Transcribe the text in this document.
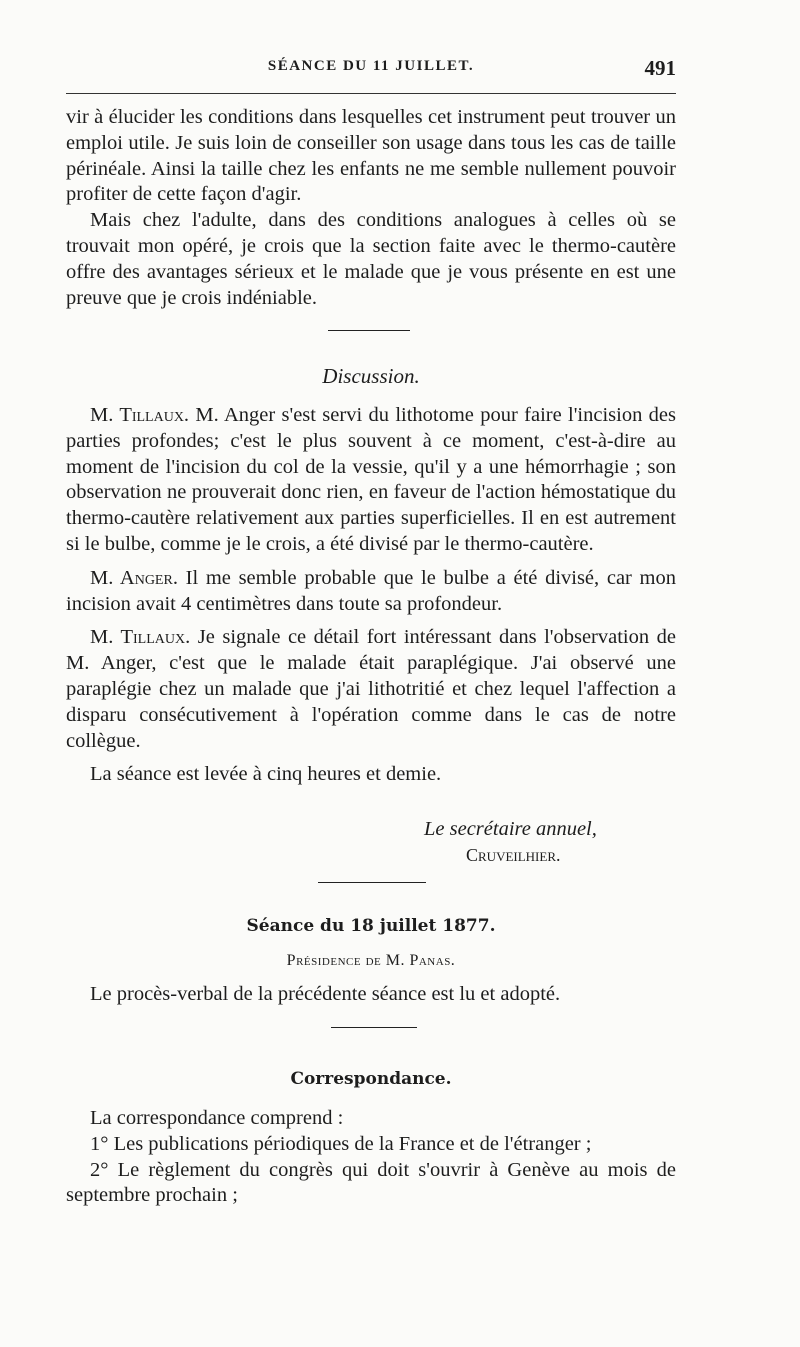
SÉANCE DU 11 JUILLET.	491

vir à élucider les conditions dans lesquelles cet instrument peut trouver un emploi utile. Je suis loin de conseiller son usage dans tous les cas de taille périnéale. Ainsi la taille chez les enfants ne me semble nullement pouvoir profiter de cette façon d'agir.

Mais chez l'adulte, dans des conditions analogues à celles où se trouvait mon opéré, je crois que la section faite avec le thermo-cautère offre des avantages sérieux et le malade que je vous présente en est une preuve que je crois indéniable.

Discussion.

M. Tillaux. M. Anger s'est servi du lithotome pour faire l'incision des parties profondes; c'est le plus souvent à ce moment, c'est-à-dire au moment de l'incision du col de la vessie, qu'il y a une hémorrhagie ; son observation ne prouverait donc rien, en faveur de l'action hémostatique du thermo-cautère relativement aux parties superficielles. Il en est autrement si le bulbe, comme je le crois, a été divisé par le thermo-cautère.

M. Anger. Il me semble probable que le bulbe a été divisé, car mon incision avait 4 centimètres dans toute sa profondeur.

M. Tillaux. Je signale ce détail fort intéressant dans l'observation de M. Anger, c'est que le malade était paraplégique. J'ai observé une paraplégie chez un malade que j'ai lithotritié et chez lequel l'affection a disparu consécutivement à l'opération comme dans le cas de notre collègue.

La séance est levée à cinq heures et demie.

Le secrétaire annuel,
Cruveilhier.
Séance du 18 juillet 1877.
Présidence de M. Panas.

Le procès-verbal de la précédente séance est lu et adopté.

Correspondance.

La correspondance comprend :

1° Les publications périodiques de la France et de l'étranger ;

2° Le règlement du congrès qui doit s'ouvrir à Genève au mois de septembre prochain ;
